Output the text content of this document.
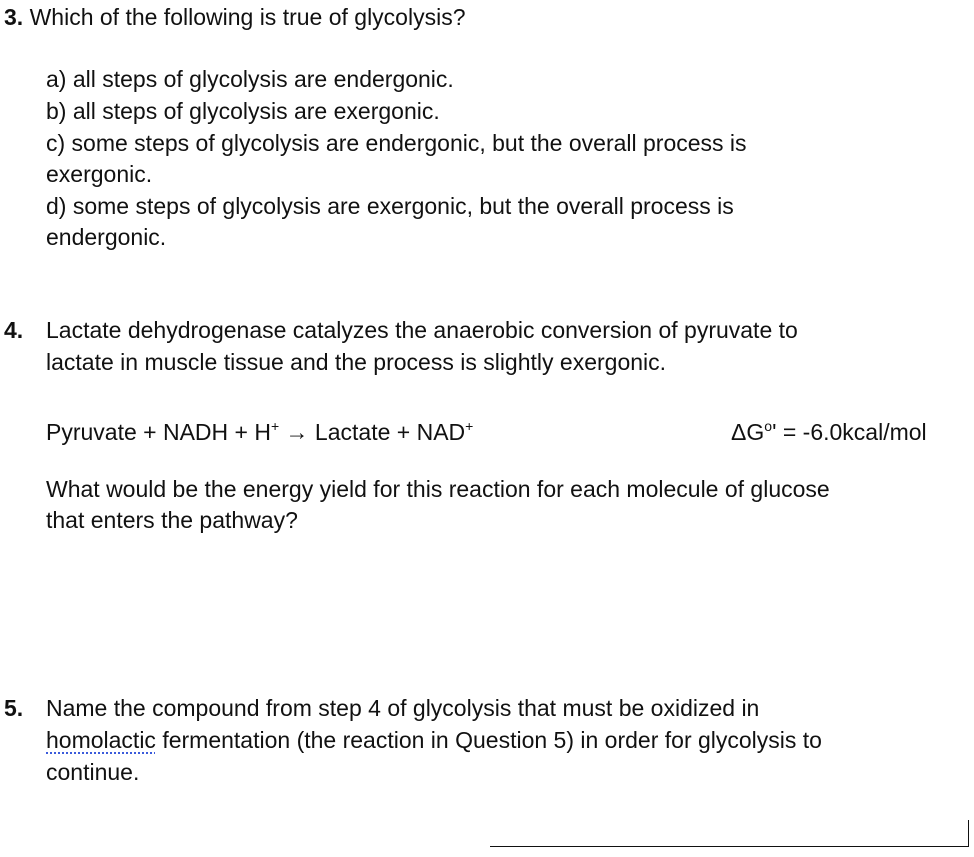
3. Which of the following is true of glycolysis?
a) all steps of glycolysis are endergonic.
b) all steps of glycolysis are exergonic.
c) some steps of glycolysis are endergonic, but the overall process is
exergonic.
d) some steps of glycolysis are exergonic, but the overall process is
endergonic.
4. Lactate dehydrogenase catalyzes the anaerobic conversion of pyruvate to
lactate in muscle tissue and the process is slightly exergonic.
Pyruvate + NADH + H+ → Lactate + NAD+	$\Delta G^o'$ = -6.0kcal/mol
What would be the energy yield for this reaction for each molecule of glucose
that enters the pathway?
5. Name the compound from step 4 of glycolysis that must be oxidized in
homolactic fermentation (the reaction in Question 5) in order for glycolysis to
continue.
